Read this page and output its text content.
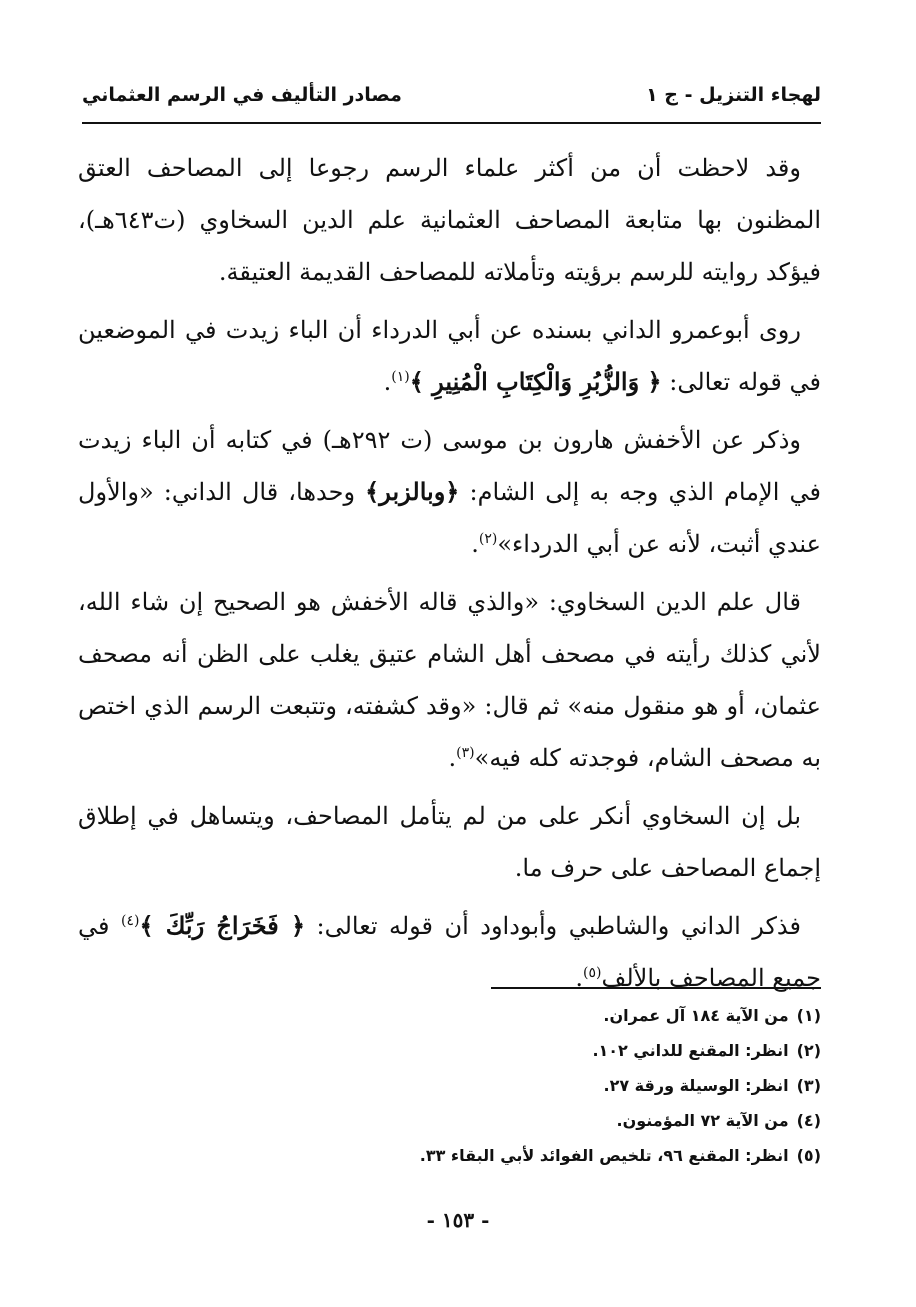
لهجاء التنزيل - ج ١
مصادر التأليف في الرسم العثماني

وقد لاحظت أن من أكثر علماء الرسم رجوعا إلى المصاحف العتق المظنون بها متابعة المصاحف العثمانية علم الدين السخاوي (ت٦٤٣هـ)، فيؤكد روايته للرسم برؤيته وتأملاته للمصاحف القديمة العتيقة.

روى أبوعمرو الداني بسنده عن أبي الدرداء أن الباء زيدت في الموضعين في قوله تعالى: ﴿ وَالزُّبُرِ وَالْكِتَابِ الْمُنِيرِ ﴾$^{(١)}$.

وذكر عن الأخفش هارون بن موسى (ت ٢٩٢هـ) في كتابه أن الباء زيدت في الإمام الذي وجه به إلى الشام: ﴿وبالزبر﴾ وحدها، قال الداني: «والأول عندي أثبت، لأنه عن أبي الدرداء»$^{(٢)}$.

قال علم الدين السخاوي: «والذي قاله الأخفش هو الصحيح إن شاء الله، لأني كذلك رأيته في مصحف أهل الشام عتيق يغلب على الظن أنه مصحف عثمان، أو هو منقول منه» ثم قال: «وقد كشفته، وتتبعت الرسم الذي اختص به مصحف الشام، فوجدته كله فيه»$^{(٣)}$.

بل إن السخاوي أنكر على من لم يتأمل المصاحف، ويتساهل في إطلاق إجماع المصاحف على حرف ما.

فذكر الداني والشاطبي وأبوداود أن قوله تعالى: ﴿ فَخَرَاجُ رَبِّكَ ﴾$^{(٤)}$ في جميع المصاحف بالألف$^{(٥)}$.

(١)من الآية ١٨٤ آل عمران.
(٢)انظر: المقنع للداني ١٠٢.
(٣)انظر: الوسيلة ورقة ٢٧.
(٤)من الآية ٧٢ المؤمنون.
(٥)انظر: المقنع ٩٦، تلخيص الفوائد لأبي البقاء ٣٣.
- ١٥٣ -
